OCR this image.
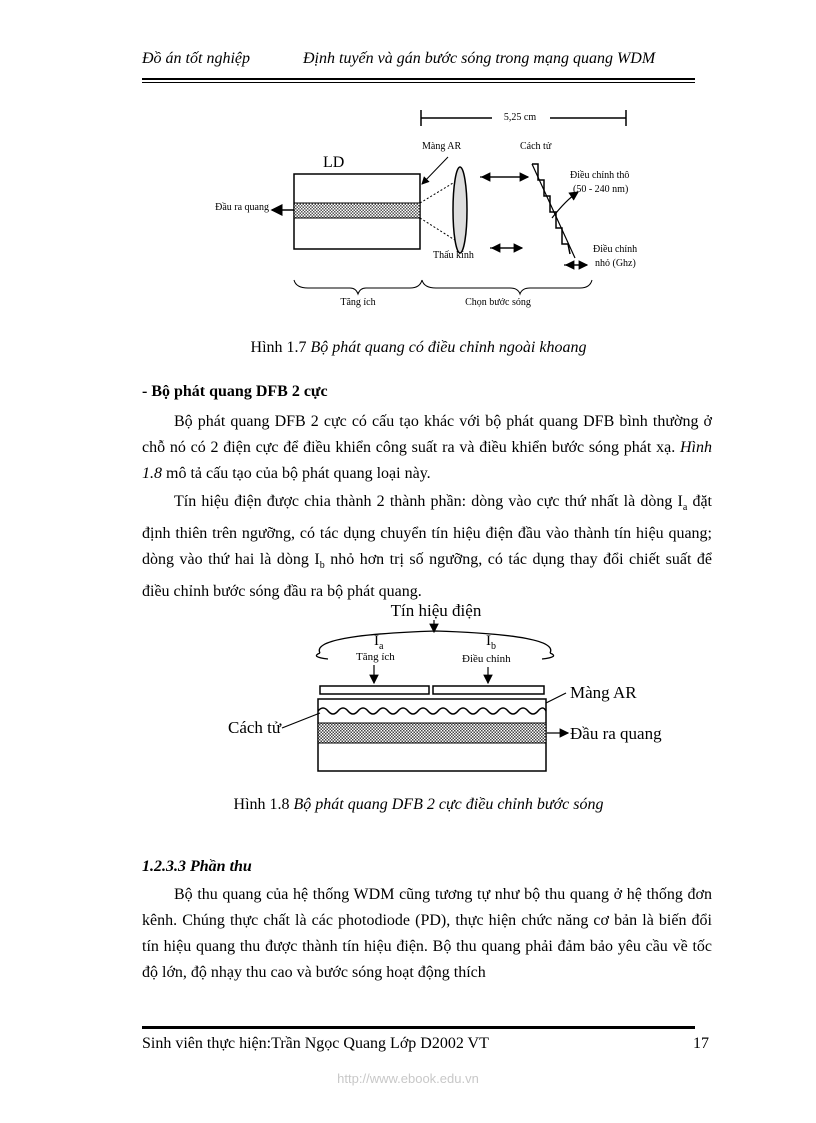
Đồ án tốt nghiệp	Định tuyến và gán bước sóng trong mạng quang WDM
5,25 cm
LD
Màng AR	Cách tử
Đầu ra quang
Thấu kính
Điều chỉnh thô
(50 - 240 nm)
Điều chỉnh
nhỏ (Ghz)
Tăng ích	Chọn bước sóng
Hình 1.7 Bộ phát quang có điều chỉnh ngoài khoang
- Bộ phát quang DFB 2 cực
Bộ phát quang DFB 2 cực có cấu tạo khác với bộ phát quang DFB bình thường ở chỗ nó có 2 điện cực để điều khiển công suất ra và điều khiển bước sóng phát xạ. Hình 1.8 mô tả cấu tạo của bộ phát quang loại này.
Tín hiệu điện được chia thành 2 thành phần: dòng vào cực thứ nhất là dòng $I_a$ đặt định thiên trên ngưỡng, có tác dụng chuyển tín hiệu điện đầu vào thành tín hiệu quang; dòng vào thứ hai là dòng $I_b$ nhỏ hơn trị số ngưỡng, có tác dụng thay đổi chiết suất để điều chỉnh bước sóng đầu ra bộ phát quang.
Tín hiệu điện
$I_a$
Tăng ích
$I_b$
Điều chỉnh
Màng AR
Cách tử	Đầu ra quang
Hình 1.8 Bộ phát quang DFB 2 cực điều chỉnh bước sóng
1.2.3.3 Phần thu
Bộ thu quang của hệ thống WDM cũng tương tự như bộ thu quang ở hệ thống đơn kênh. Chúng thực chất là các photodiode (PD), thực hiện chức năng cơ bản là biến đổi tín hiệu quang thu được thành tín hiệu điện. Bộ thu quang phải đảm bảo yêu cầu về tốc độ lớn, độ nhạy thu cao và bước sóng hoạt động thích
Sinh viên thực hiện:Trần Ngọc Quang Lớp D2002 VT	17
http://www.ebook.edu.vn
